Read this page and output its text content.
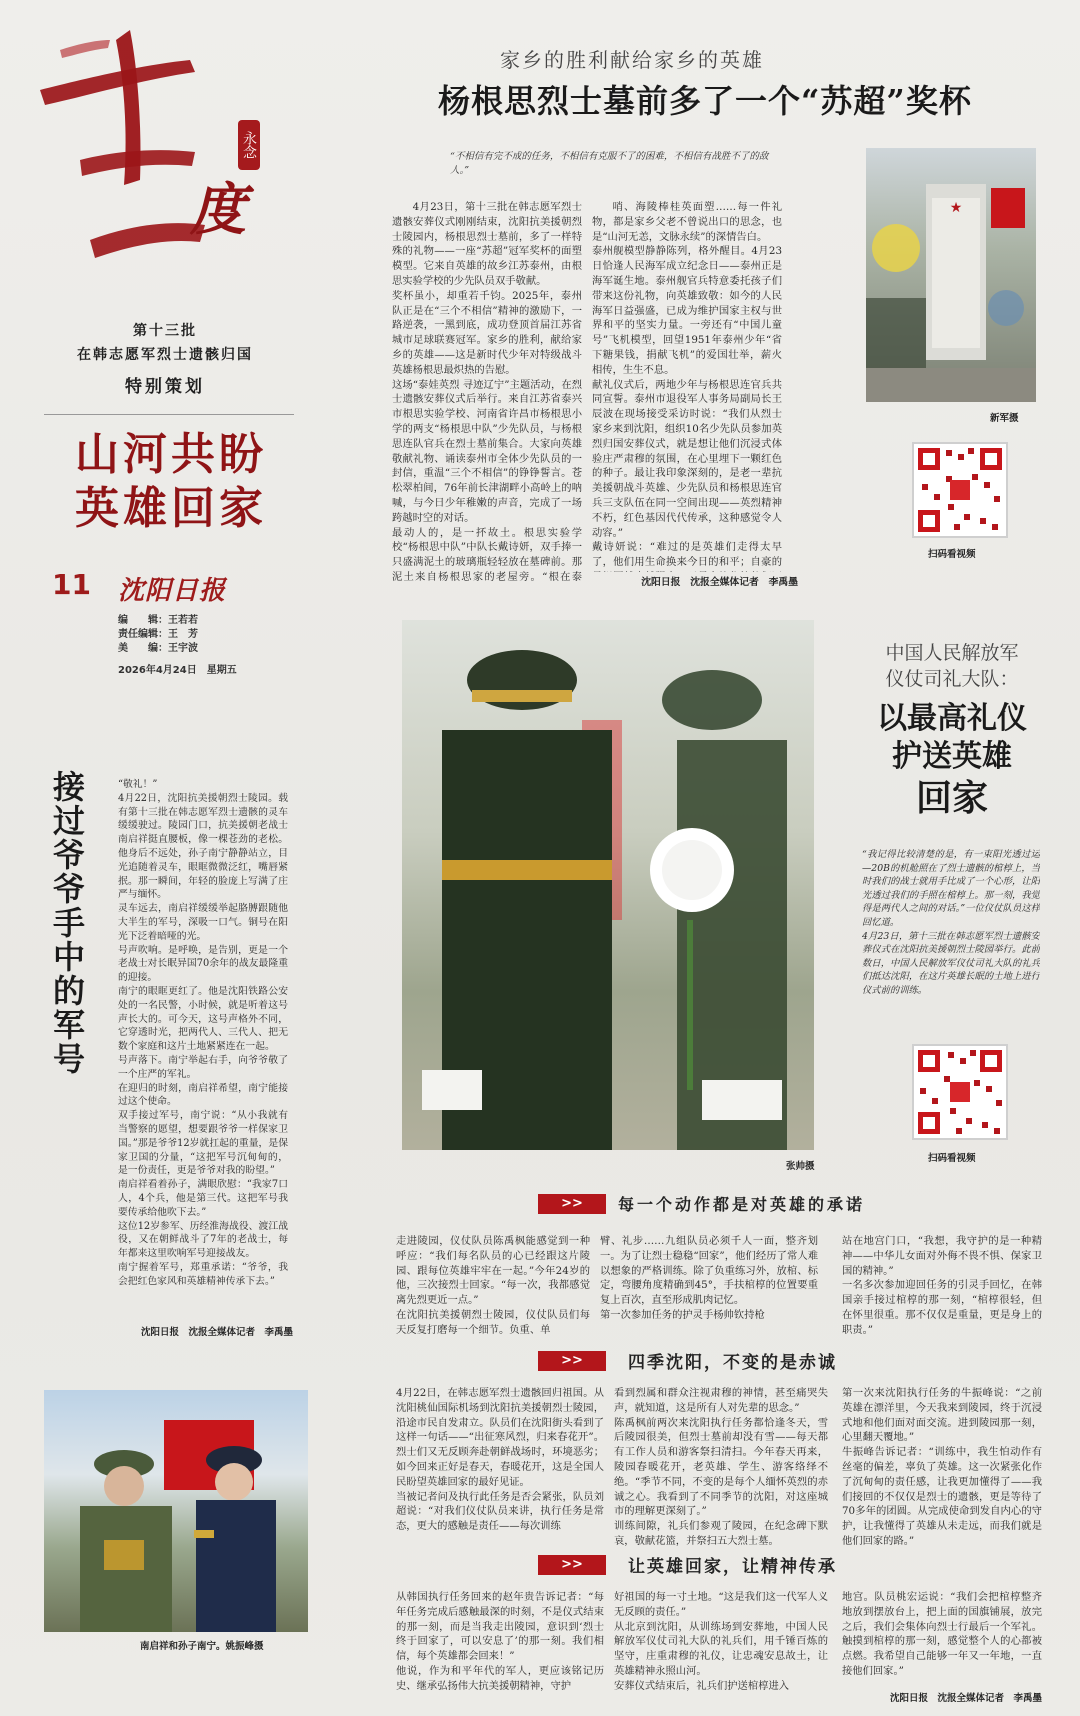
度
永念
第十三批
在韩志愿军烈士遗骸归国
特别策划
山河共盼
英雄回家
11 沈阳日报
编　　辑：王若若
责任编辑：王　芳
美　　编：王宇波
2026年4月24日　星期五
家乡的胜利献给家乡的英雄
杨根思烈士墓前多了一个“苏超”奖杯
“不相信有完不成的任务，不相信有克服不了的困难，不相信有战胜不了的敌人。”
4月23日，第十三批在韩志愿军烈士遗骸安葬仪式刚刚结束，沈阳抗美援朝烈士陵园内，杨根思烈士墓前，多了一样特殊的礼物——一座“苏超”冠军奖杯的面塑模型。它来自英雄的故乡江苏泰州，由根思实验学校的少先队员双手敬献。
奖杯虽小，却重若千钧。2025年，泰州队正是在“三个不相信”精神的激励下，一路逆袭，一黑到底，成功登顶首届江苏省城市足球联赛冠军。家乡的胜利，献给家乡的英雄——这是新时代少年对特级战斗英雄杨根思最炽热的告慰。
这场“泰娃英烈 寻迹辽宁”主题活动，在烈士遗骸安葬仪式后举行。来自江苏省泰兴市根思实验学校、河南省许昌市杨根思小学的两支“杨根思中队”少先队员，与杨根思连队官兵在烈士墓前集合。大家向英雄敬献礼物、诵读泰州市全体少先队员的一封信，重温“三个不相信”的铮铮誓言。苍松翠柏间，76年前长津湖畔小高岭上的呐喊，与今日少年稚嫩的声音，完成了一场跨越时空的对话。
最动人的，是一抔故土。根思实验学校“杨根思中队”中队长戴诗妍，双手捧一只盛满泥土的玻璃瓶轻轻放在墓碑前。那泥土来自杨根思家的老屋旁。“根在泰
哨、海陵棒桂英面塑……每一件礼物，都是家乡父老不曾说出口的思念，也是“山河无恙，文脉永续”的深情告白。
泰州舰模型静静陈列，格外醒目。4月23日恰逢人民海军成立纪念日——泰州正是海军诞生地。泰州舰官兵特意委托孩子们带来这份礼物，向英雄致敬：如今的人民海军日益强盛，已成为维护国家主权与世界和平的坚实力量。一旁还有“中国儿童号”飞机模型，回望1951年泰州少年“省下糖果钱，捐献飞机”的爱国壮举，薪火相传，生生不息。
献礼仪式后，两地少年与杨根思连官兵共同宣誓。泰州市退役军人事务局副局长王辰波在现场接受采访时说：“我们从烈士家乡来到沈阳，组织10名少先队员参加英烈归国安葬仪式，就是想让他们沉浸式体验庄严肃穆的氛围，在心里埋下一颗红色的种子。最让我印象深刻的，是老一辈抗美援朝战斗英雄、少先队员和杨根思连官兵三支队伍在同一空间出现——英烈精神不朽，红色基因代代传承，这种感觉令人动容。”
戴诗妍说：“难过的是英雄们走得太早了，他们用生命换来今日的和平；自豪的

沈阳日报　沈报全媒体记者　李禹墨
★
新军摄
扫码看视频
张帅摄
中国人民解放军
仪仗司礼大队：
以最高礼仪
护送英雄
回家
“我记得比较清楚的是，有一束阳光透过运—20B的机舱照在了烈士遗骸的棺椁上，当时我们的战士就用手比成了一个心形，让阳光透过我们的手照在棺椁上。那一刻，我觉得是两代人之间的对话。”一位仪仗队员这样回忆道。
4月23日，第十三批在韩志愿军烈士遗骸安葬仪式在沈阳抗美援朝烈士陵园举行。此前数日，中国人民解放军仪仗司礼大队的礼兵们抵达沈阳，在这片英雄长眠的土地上进行仪式前的训练。
扫码看视频
接过爷爷手中的军号	“敬礼！”
4月22日，沈阳抗美援朝烈士陵园。载有第十三批在韩志愿军烈士遗骸的灵车缓缓驶过。陵园门口，抗美援朝老战士南启祥挺直腰板，像一棵苍劲的老松。他身后不远处，孙子南宁静静站立，目光追随着灵车，眼眶微微泛红，嘴唇紧抿。那一瞬间，年轻的脸庞上写满了庄严与缅怀。
灵车远去，南启祥缓缓举起胳膊跟随他大半生的军号，深吸一口气。铜号在阳光下泛着暗哑的光。
号声吹响。是呼唤，是告别，更是一个老战士对长眠异国70余年的战友最隆重的迎接。
南宁的眼眶更红了。他是沈阳铁路公安处的一名民警，小时候，就是听着这号声长大的。可今天，这号声格外不同，它穿透时光，把两代人、三代人、把无数个家庭和这片土地紧紧连在一起。
号声落下。南宁举起右手，向爷爷敬了一个庄严的军礼。
在迎归的时刻，南启祥希望，南宁能接过这个使命。
双手接过军号，南宁说：“从小我就有当警察的愿望，想要跟爷爷一样保家卫国。”那是爷爷12岁就扛起的重量，是保家卫国的分量，“这把军号沉甸甸的，是一份责任，更是爷爷对我的盼望。”
南启祥看着孙子，满眼欣慰：“我家7口人，4个兵，他是第三代。这把军号我要传承给他吹下去。”
这位12岁参军、历经淮海战役、渡江战役，又在朝鲜战斗了7年的老战士，每年都来这里吹响军号迎接战友。
南宁握着军号，郑重承诺：“爷爷，我会把红色家风和英雄精神传承下去。”
沈阳日报　沈报全媒体记者　李禹墨
南启祥和孙子南宁。姚振峰摄
>>	每一个动作都是对英雄的承诺
走进陵园，仪仗队员陈禹枫能感觉到一种呼应：“我们每名队员的心已经跟这片陵园、跟每位英雄牢牢在一起。”今年24岁的他，三次接烈士回家。“每一次，我都感觉离先烈更近一点。”
在沈阳抗美援朝烈士陵园，仪仗队员们每天反复打磨每一个细节。负重、单
臂、礼步……九组队员必须千人一面，整齐划一。为了让烈士稳稳“回家”，他们经历了常人难以想象的严格训练。除了负重练习外，放棺、标定，弯腰角度精确到45°，手扶棺椁的位置要重复上百次，直至形成肌肉记忆。
第一次参加任务的护灵手杨帅钦持枪
站在地宫门口，“我想，我守护的是一种精神——中华儿女面对外侮不畏不惧、保家卫国的精神。”
一名多次参加迎回任务的引灵手回忆，在韩国亲手接过棺椁的那一刻，“棺椁很轻，但在怀里很重。那不仅仅是重量，更是身上的职责。”
>>	四季沈阳，不变的是赤诚
4月22日，在韩志愿军烈士遗骸回归祖国。从沈阳桃仙国际机场到沈阳抗美援朝烈士陵园，沿途市民自发肃立。队员们在沈阳街头看到了这样一句话——“出征寒风烈，归来春花开”。烈士们又无反顾奔赴朝鲜战场时，环境恶劣；如今回来正好是春天，春暖花开，这是全国人民盼望英雄回家的最好见证。
当被记者问及执行此任务是否会紧张，队员刘超说：“对我们仪仗队员来讲，执行任务是常态，更大的感触是责任——每次训练
看到烈属和群众注视肃穆的神情，甚至痛哭失声，就知道，这是所有人对先辈的思念。”
陈禹枫前两次来沈阳执行任务都恰逢冬天，雪后陵园很美，但烈士墓前却没有雪——每天都有工作人员和游客祭扫清扫。今年春天再来，陵园春暖花开，老英雄、学生、游客络绎不绝。“季节不同，不变的是每个人缅怀英烈的赤诚之心。我看到了不同季节的沈阳，对这座城市的理解更深刻了。”
训练间隙，礼兵们参观了陵园，在纪念碑下默哀，敬献花篮，并祭扫五大烈士墓。
第一次来沈阳执行任务的牛振峰说：“之前英雄在漂洋里，今天我来到陵园，终于沉浸式地和他们面对面交流。进到陵园那一刻，心里翻天覆地。”
牛振峰告诉记者：“训练中，我生怕动作有丝毫的偏差，辜负了英雄。这一次紧张化作了沉甸甸的责任感，让我更加懂得了——我们接回的不仅仅是烈士的遗骸，更是等待了70多年的团圆。从完成使命到发自内心的守护，让我懂得了英雄从未走远，而我们就是他们回家的路。”
>>	让英雄回家，让精神传承
从韩国执行任务回来的赵年贵告诉记者：“每年任务完成后感触最深的时刻，不是仪式结束的那一刻，而是当我走出陵园，意识到‘烈士终于回家了，可以安息了’的那一刻。我们相信，每个英雄都会回来！”
他说，作为和平年代的军人，更应该铭记历史、继承弘扬伟大抗美援朝精神，守护
好祖国的每一寸土地。“这是我们这一代军人义无反顾的责任。”
从北京到沈阳，从训练场到安葬地，中国人民解放军仪仗司礼大队的礼兵们，用千锤百炼的坚守，庄重肃穆的礼仪，让忠魂安息故土，让英雄精神永照山河。
安葬仪式结束后，礼兵们护送棺椁进入
地宫。队员桃宏运说：“我们会把棺椁整齐地放到摆放台上，把上面的国旗铺展，放完之后，我们会集体向烈士行最后一个军礼。触摸到棺椁的那一刻，感觉整个人的心都被点燃。我希望自己能够一年又一年地，一直接他们回家。”
沈阳日报　沈报全媒体记者　李禹墨
